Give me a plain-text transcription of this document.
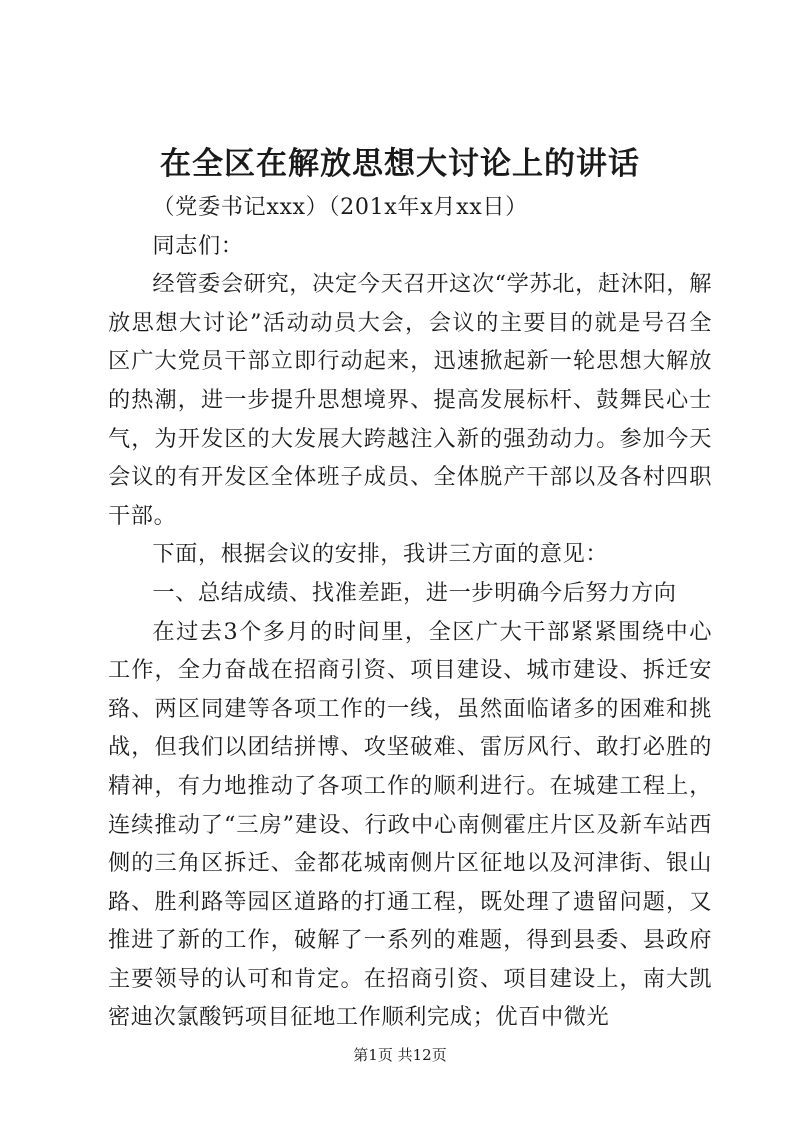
在全区在解放思想大讨论上的讲话

（党委书记xxx）（201x年x月xx日）

同志们：

经管委会研究，决定今天召开这次“学苏北，赶沐阳，解放思想大讨论”活动动员大会，会议的主要目的就是号召全区广大党员干部立即行动起来，迅速掀起新一轮思想大解放的热潮，进一步提升思想境界、提高发展标杆、鼓舞民心士气，为开发区的大发展大跨越注入新的强劲动力。参加今天会议的有开发区全体班子成员、全体脱产干部以及各村四职干部。

下面，根据会议的安排，我讲三方面的意见：

一、总结成绩、找准差距，进一步明确今后努力方向

在过去3个多月的时间里，全区广大干部紧紧围绕中心工作，全力奋战在招商引资、项目建设、城市建设、拆迁安臵、两区同建等各项工作的一线，虽然面临诸多的困难和挑战，但我们以团结拼博、攻坚破难、雷厉风行、敢打必胜的精神，有力地推动了各项工作的顺利进行。在城建工程上，连续推动了“三房”建设、行政中心南侧霍庄片区及新车站西侧的三角区拆迁、金都花城南侧片区征地以及河津街、银山路、胜利路等园区道路的打通工程，既处理了遗留问题，又推进了新的工作，破解了一系列的难题，得到县委、县政府主要领导的认可和肯定。在招商引资、项目建设上，南大凯密迪次氯酸钙项目征地工作顺利完成；优百中微光

第1页 共12页
